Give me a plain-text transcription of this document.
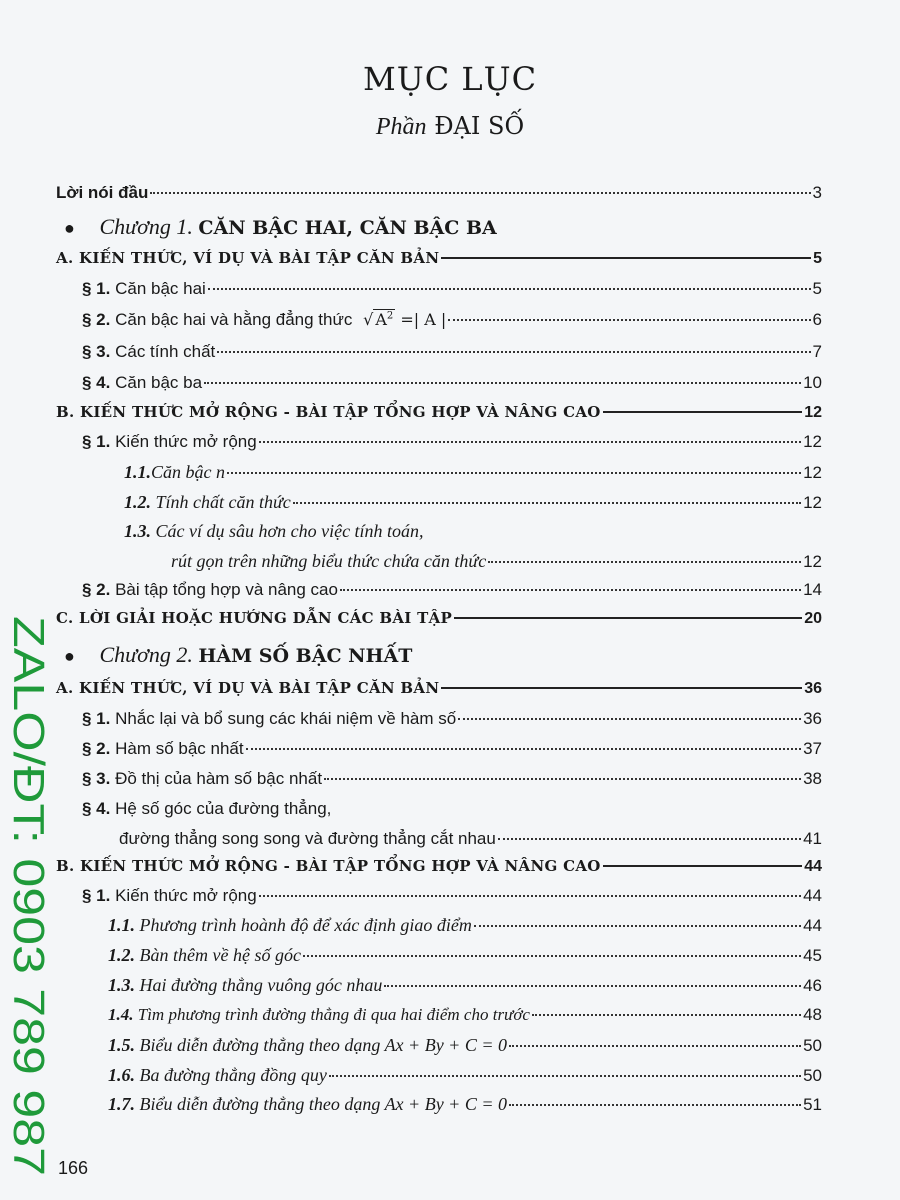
MỤC LỤC
Phần ĐẠI SỐ
Lời nói đầu	3
● Chương 1. CĂN BẬC HAI, CĂN BẬC BA
A. KIẾN THỨC, VÍ DỤ VÀ BÀI TẬP CĂN BẢN	5
§ 1. Căn bậc hai	5
§ 2. Căn bậc hai và hằng đẳng thức √ $A^2$ =| A |	6
§ 3. Các tính chất	7
§ 4. Căn bậc ba	10
B. KIẾN THỨC MỞ RỘNG - BÀI TẬP TỔNG HỢP VÀ NÂNG CAO	12
§ 1. Kiến thức mở rộng	12
1.1.Căn bậc n	12
1.2. Tính chất căn thức	12
1.3. Các ví dụ sâu hơn cho việc tính toán,
rút gọn trên những biểu thức chứa căn thức	12
§ 2. Bài tập tổng hợp và nâng cao	14
C. LỜI GIẢI HOẶC HƯỚNG DẪN CÁC BÀI TẬP	20
● Chương 2. HÀM SỐ BẬC NHẤT
A. KIẾN THỨC, VÍ DỤ VÀ BÀI TẬP CĂN BẢN	36
§ 1. Nhắc lại và bổ sung các khái niệm về hàm số	36
§ 2. Hàm số bậc nhất	37
§ 3. Đồ thị của hàm số bậc nhất	38
§ 4. Hệ số góc của đường thẳng,
đường thẳng song song và đường thẳng cắt nhau	41
B. KIẾN THỨC MỞ RỘNG - BÀI TẬP TỔNG HỢP VÀ NÂNG CAO	44
§ 1. Kiến thức mở rộng	44
1.1. Phương trình hoành độ để xác định giao điểm	44
1.2. Bàn thêm về hệ số góc	45
1.3. Hai đường thẳng vuông góc nhau	46
1.4. Tìm phương trình đường thẳng đi qua hai điểm cho trước	48
1.5. Biểu diễn đường thẳng theo dạng Ax + By + C = 0	50
1.6. Ba đường thẳng đồng quy	50
1.7. Biểu diễn đường thẳng theo dạng Ax + By + C = 0	51
166
ZALO/ĐT: 0903 789 987
